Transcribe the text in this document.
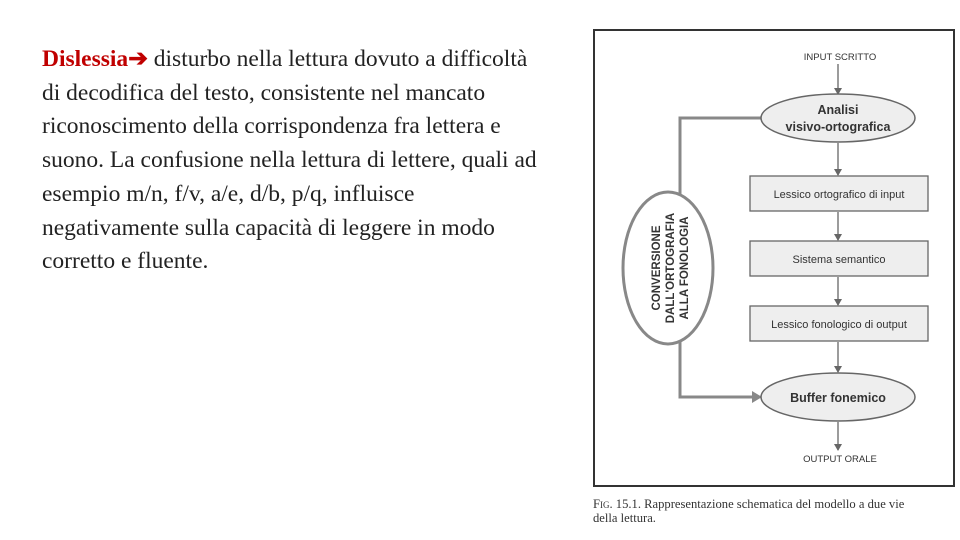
Dislessia➔ disturbo nella lettura dovuto a difficoltà di decodifica del testo, consistente nel mancato riconoscimento della corrispondenza fra lettera e suono. La confusione nella lettura di lettere, quali ad esempio m/n, f/v, a/e, d/b, p/q, influisce negativamente sulla capacità di leggere in modo corretto e fluente.	CONVERSIONE DALL'ORTOGRAFIA ALLA FONOLOGIA
INPUT SCRITTO
Analisi
visivo-ortografica
Lessico ortografico di input
Sistema semantico
Lessico fonologico di output
Buffer fonemico
OUTPUT ORALE
Fig. 15.1. Rappresentazione schematica del modello a due vie
della lettura.
